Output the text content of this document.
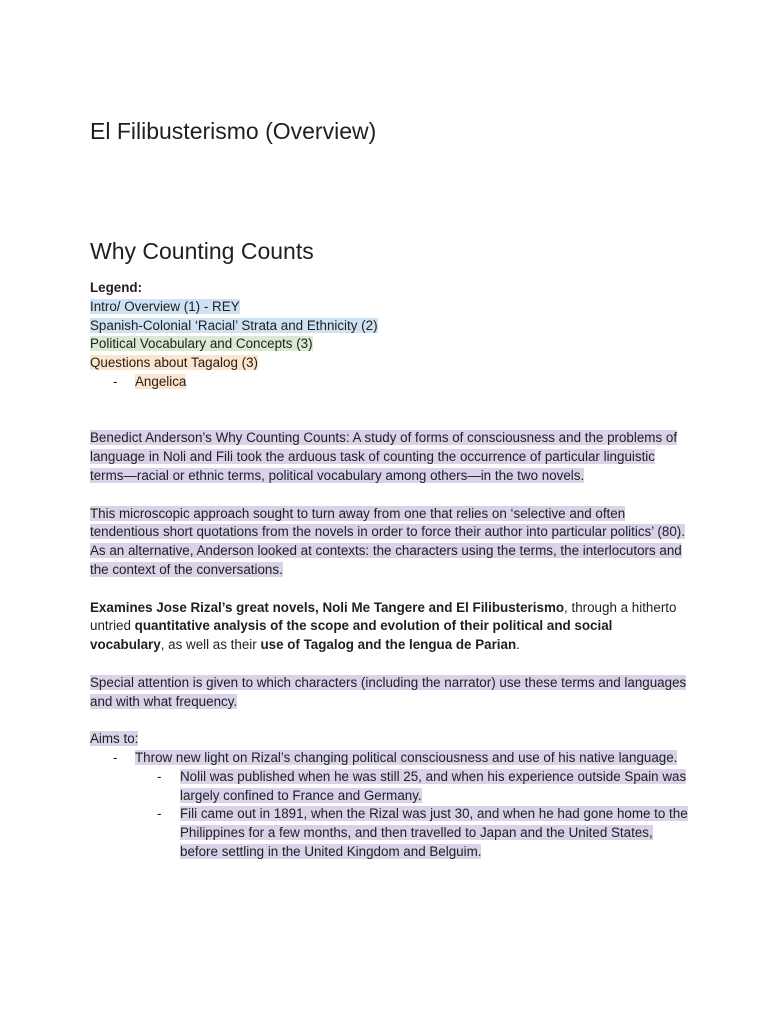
El Filibusterismo (Overview)
Why Counting Counts

Legend:

Intro/ Overview (1) - REY

Spanish-Colonial ‘Racial’ Strata and Ethnicity (2)

Political Vocabulary and Concepts (3)

Questions about Tagalog (3)

- Angelica

Benedict Anderson’s Why Counting Counts: A study of forms of consciousness and the problems of language in Noli and Fili took the arduous task of counting the occurrence of particular linguistic terms—racial or ethnic terms, political vocabulary among others—in the two novels.

This microscopic approach sought to turn away from one that relies on ‘selective and often tendentious short quotations from the novels in order to force their author into particular politics’ (80). As an alternative, Anderson looked at contexts: the characters using the terms, the interlocutors and the context of the conversations.

Examines Jose Rizal’s great novels, Noli Me Tangere and El Filibusterismo, through a hitherto untried quantitative analysis of the scope and evolution of their political and social vocabulary, as well as their use of Tagalog and the lengua de Parian.

Special attention is given to which characters (including the narrator) use these terms and languages and with what frequency.

Aims to:

- Throw new light on Rizal’s changing political consciousness and use of his native language.

- Nolil was published when he was still 25, and when his experience outside Spain was largely confined to France and Germany.

- Fili came out in 1891, when the Rizal was just 30, and when he had gone home to the Philippines for a few months, and then travelled to Japan and the United States, before settling in the United Kingdom and Belguim.
